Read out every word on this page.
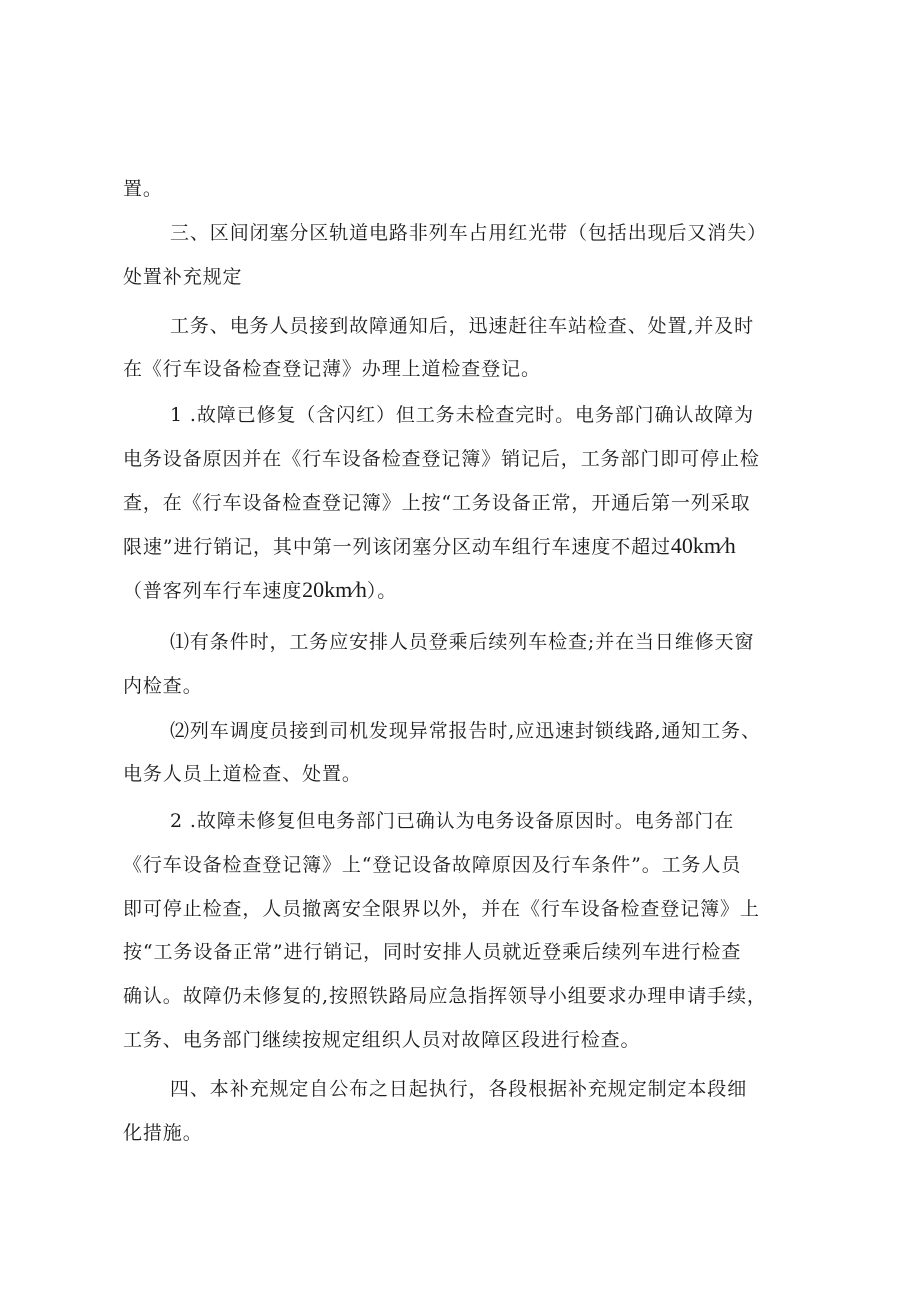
置。
三、区间闭塞分区轨道电路非列车占用红光带（包括出现后又消失）
处置补充规定
工务、电务人员接到故障通知后，迅速赶往车站检查、处置,并及时
在《行车设备检查登记薄》办理上道检查登记。
1 .故障已修复（含闪红）但工务未检查完时。电务部门确认故障为
电务设备原因并在《行车设备检查登记簿》销记后，工务部门即可停止检
查，在《行车设备检查登记簿》上按“工务设备正常，开通后第一列采取
限速”进行销记，其中第一列该闭塞分区动车组行车速度不超过40km∕h
（普客列车行车速度20km∕h）。
⑴有条件时，工务应安排人员登乘后续列车检查;并在当日维修天窗
内检查。
⑵列车调度员接到司机发现异常报告时,应迅速封锁线路,通知工务、
电务人员上道检查、处置。
2 .故障未修复但电务部门已确认为电务设备原因时。电务部门在
《行车设备检查登记簿》上“登记设备故障原因及行车条件”。工务人员
即可停止检查，人员撤离安全限界以外，并在《行车设备检查登记簿》上
按“工务设备正常”进行销记，同时安排人员就近登乘后续列车进行检查
确认。故障仍未修复的,按照铁路局应急指挥领导小组要求办理申请手续，
工务、电务部门继续按规定组织人员对故障区段进行检查。
四、本补充规定自公布之日起执行，各段根据补充规定制定本段细
化措施。
